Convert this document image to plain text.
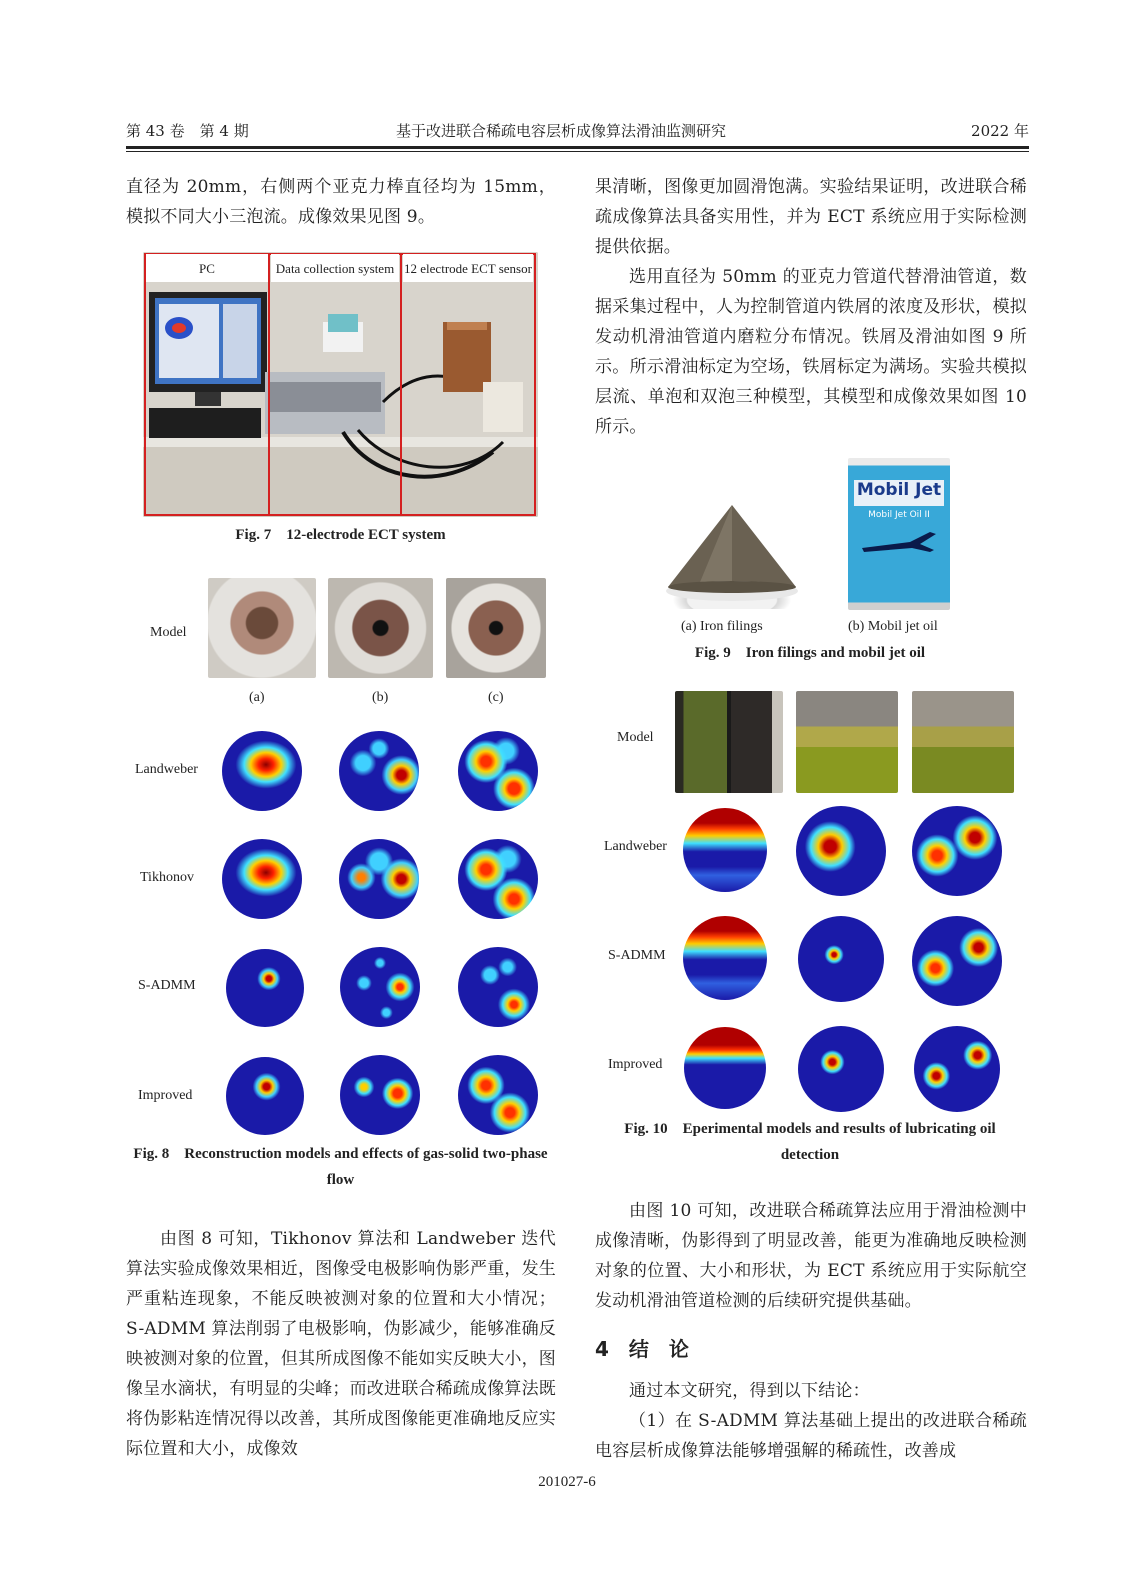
第 43 卷　第 4 期	基于改进联合稀疏电容层析成像算法滑油监测研究	2022 年

直径为 20mm，右侧两个亚克力棒直径均为 15mm，模拟不同大小三泡流。成像效果见图 9。

PC	Data collection system 12 electrode ECT sensor
Fig. 7　12-electrode ECT system
Model
Landweber
Tikhonov
S-ADMM
Improved
(a)	(b)	(c)
Fig. 8　Reconstruction models and effects of gas-solid two-phase flow

由图 8 可知，Tikhonov 算法和 Landweber 迭代算法实验成像效果相近，图像受电极影响伪影严重，发生严重粘连现象，不能反映被测对象的位置和大小情况；S-ADMM 算法削弱了电极影响，伪影减少，能够准确反映被测对象的位置，但其所成图像不能如实反映大小，图像呈水滴状，有明显的尖峰；而改进联合稀疏成像算法既将伪影粘连情况得以改善，其所成图像能更准确地反应实际位置和大小，成像效

果清晰，图像更加圆滑饱满。实验结果证明，改进联合稀疏成像算法具备实用性，并为 ECT 系统应用于实际检测提供依据。

选用直径为 50mm 的亚克力管道代替滑油管道，数据采集过程中，人为控制管道内铁屑的浓度及形状，模拟发动机滑油管道内磨粒分布情况。铁屑及滑油如图 9 所示。所示滑油标定为空场，铁屑标定为满场。实验共模拟层流、单泡和双泡三种模型，其模型和成像效果如图 10 所示。

Mobil Jet
Mobil Jet Oil II
(a) Iron filings	(b) Mobil jet oil
Fig. 9　Iron filings and mobil jet oil
Model
Landweber
S-ADMM
Improved
Fig. 10　Eperimental models and results of lubricating oil detection

由图 10 可知，改进联合稀疏算法应用于滑油检测中成像清晰，伪影得到了明显改善，能更为准确地反映检测对象的位置、大小和形状，为 ECT 系统应用于实际航空发动机滑油管道检测的后续研究提供基础。

4　结　论

通过本文研究，得到以下结论：

（1）在 S-ADMM 算法基础上提出的改进联合稀疏电容层析成像算法能够增强解的稀疏性，改善成

201027-6
